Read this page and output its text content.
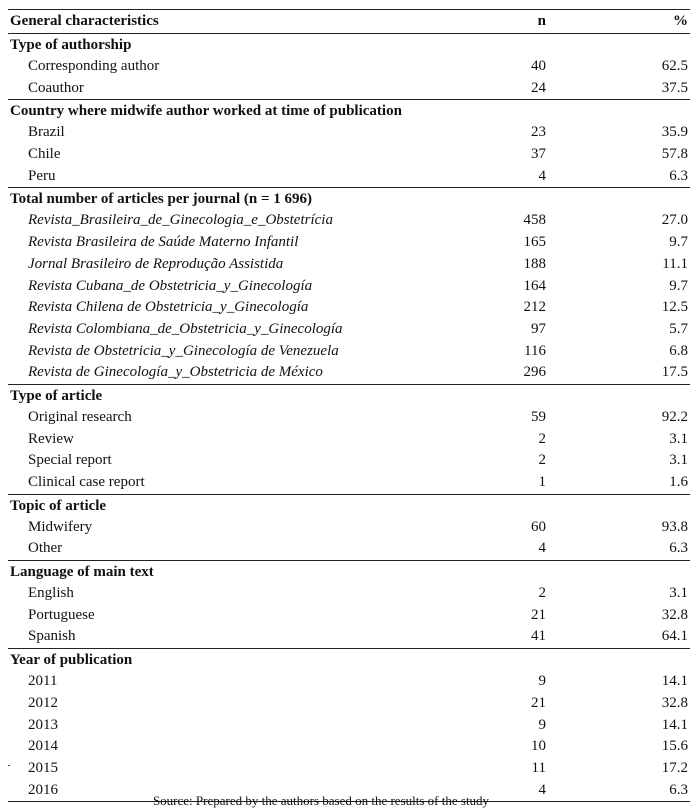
General characteristics	n	%
Type of authorship
Corresponding author	40	62.5
Coauthor	24	37.5
Country where midwife author worked at time of publication
Brazil	23	35.9
Chile	37	57.8
Peru	4	6.3
Total number of articles per journal (n = 1 696)
Revista_Brasileira_de_Ginecologia_e_Obstetrícia	458	27.0
Revista Brasileira de Saúde Materno Infantil	165	9.7
Jornal Brasileiro de Reprodução Assistida	188	11.1
Revista Cubana_de Obstetricia_y_Ginecología	164	9.7
Revista Chilena de Obstetricia_y_Ginecología	212	12.5
Revista Colombiana_de_Obstetricia_y_Ginecología	97	5.7
Revista de Obstetricia_y_Ginecología de Venezuela	116	6.8
Revista de Ginecología_y_Obstetricia de México	296	17.5
Type of article
Original research	59	92.2
Review	2	3.1
Special report	2	3.1
Clinical case report	1	1.6
Topic of article
Midwifery	60	93.8
Other	4	6.3
Language of main text
English	2	3.1
Portuguese	21	32.8
Spanish	41	64.1
Year of publication
2011	9	14.1
2012	21	32.8
2013	9	14.1
2014	10	15.6
2015	11	17.2
2016	4	6.3
Source: Prepared by the authors based on the results of the study
